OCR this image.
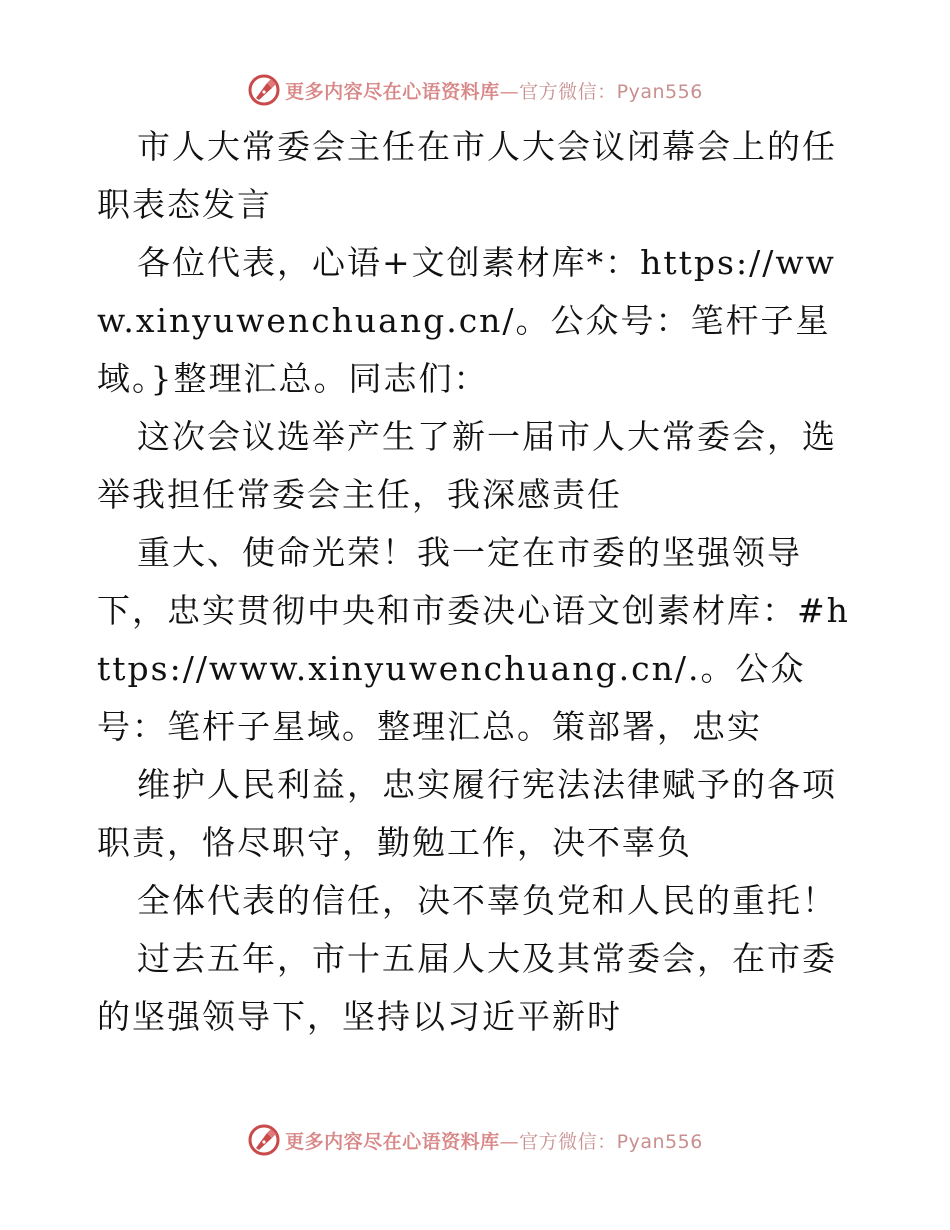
更多内容尽在心语资料库—官方微信：Pyan556

市人大常委会主任在市人大会议闭幕会上的任职表态发言

各位代表，心语+文创素材库*：https://www.xinyuwenchuang.cn/。公众号：笔杆子星域。}整理汇总。同志们：

这次会议选举产生了新一届市人大常委会，选举我担任常委会主任，我深感责任

重大、使命光荣！我一定在市委的坚强领导下，忠实贯彻中央和市委决心语文创素材库：#https://www.xinyuwenchuang.cn/.。公众号：笔杆子星域。整理汇总。策部署，忠实

维护人民利益，忠实履行宪法法律赋予的各项职责，恪尽职守，勤勉工作，决不辜负

全体代表的信任，决不辜负党和人民的重托！

过去五年，市十五届人大及其常委会，在市委的坚强领导下，坚持以习近平新时

更多内容尽在心语资料库—官方微信：Pyan556
